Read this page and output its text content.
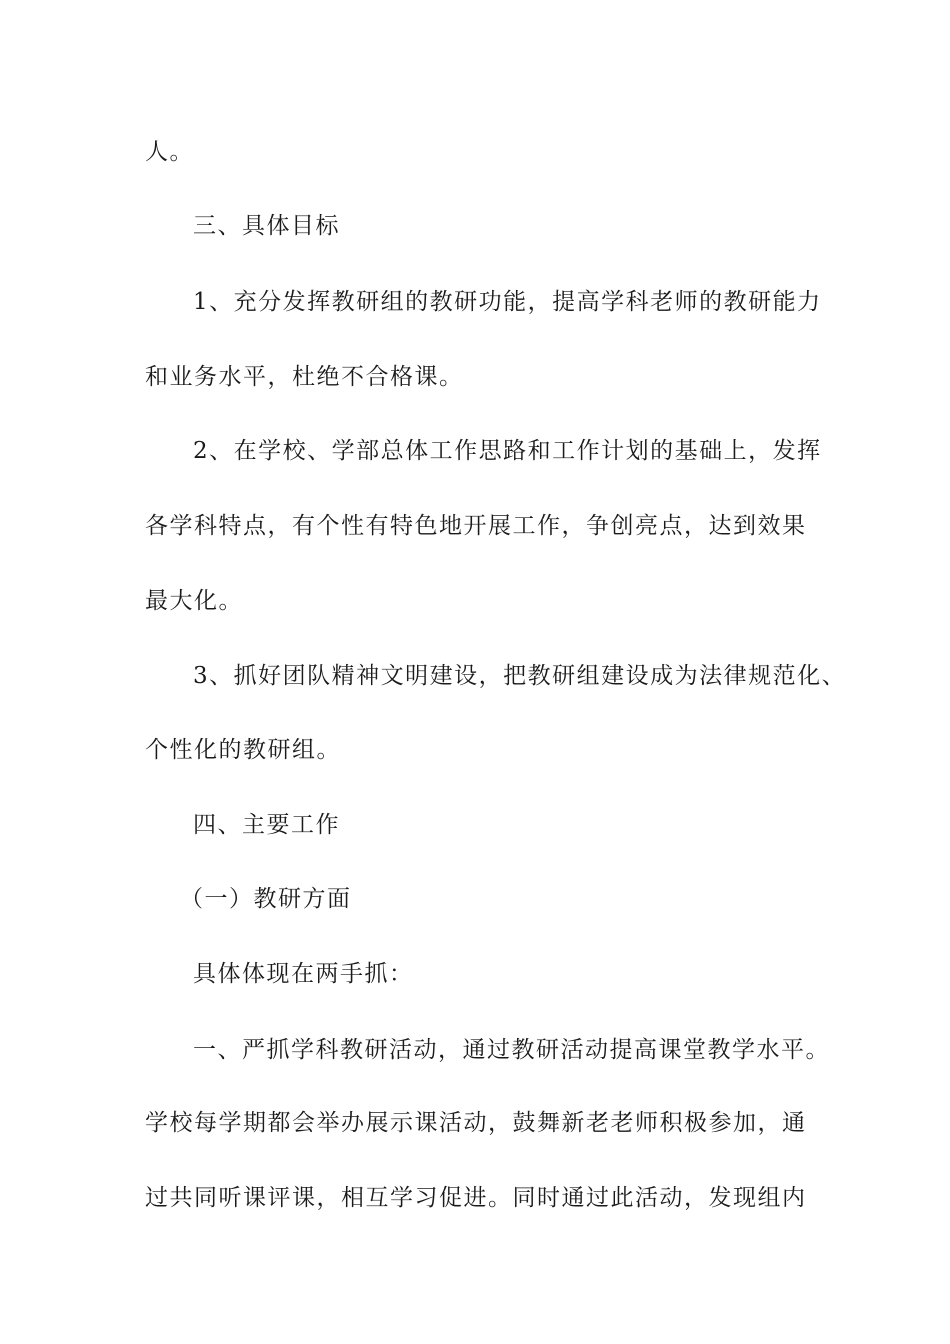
人。
三、具体目标
1、充分发挥教研组的教研功能，提高学科老师的教研能力
和业务水平，杜绝不合格课。
2、在学校、学部总体工作思路和工作计划的基础上，发挥
各学科特点，有个性有特色地开展工作，争创亮点，达到效果
最大化。
3、抓好团队精神文明建设，把教研组建设成为法律规范化、
个性化的教研组。
四、主要工作
（一）教研方面
具体体现在两手抓：
一、严抓学科教研活动，通过教研活动提高课堂教学水平。
学校每学期都会举办展示课活动，鼓舞新老老师积极参加，通
过共同听课评课，相互学习促进。同时通过此活动，发现组内
